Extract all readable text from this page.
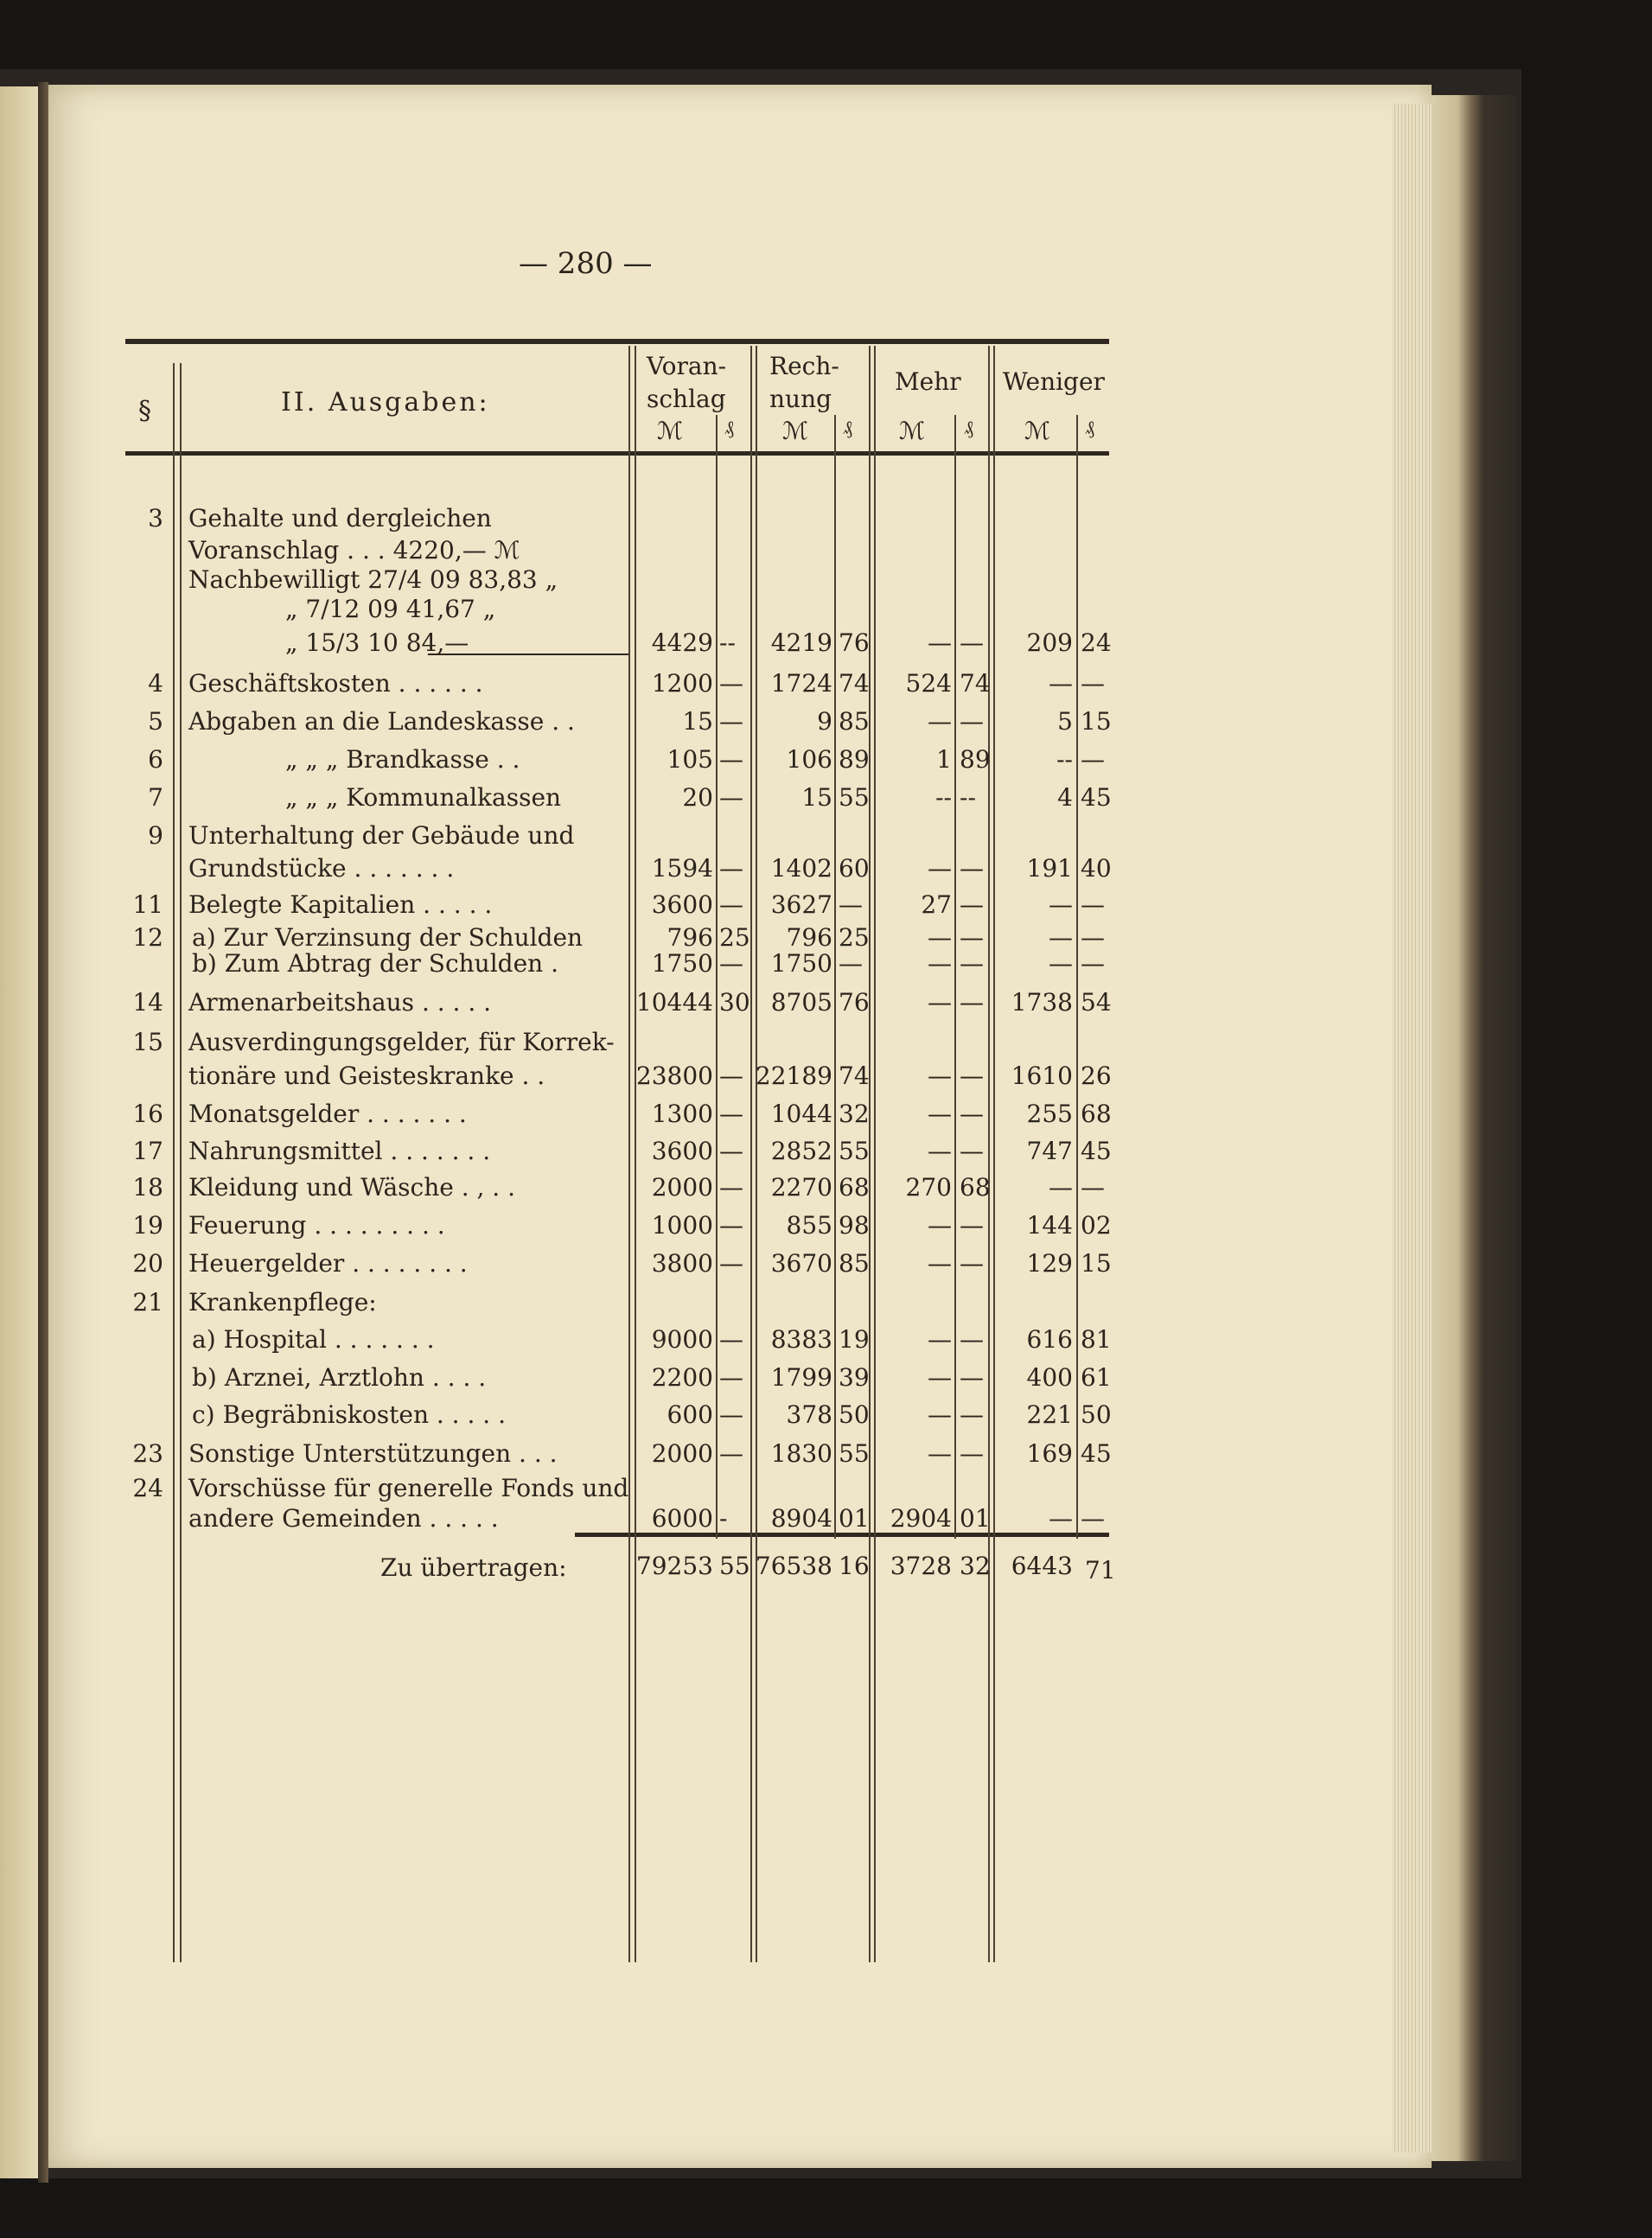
— 280 —
§	II. Ausgaben:
Voran-
schlag
Rech-
nung
Mehr Weniger
ℳ ₰ ℳ ₰ ℳ ₰ ℳ ₰
3 Gehalte und dergleichen
Voranschlag . . . 4220,— ℳ
Nachbewilligt 27/4 09 83,83 „
„ 7/12 09 41,67 „
„ 15/3 10 84,—	4429 -- 4219 76 — — 209 24
4 Geschäftskosten . . . . . .	1200 — 1724 74 524 74 — —
5 Abgaben an die Landeskasse . .	15 —	9 85 — —	5 15
6	„ „ „ Brandkasse . .	105 — 106 89	1 89	-- —
7	„ „ „ Kommunalkassen	20 — 15 55	-- --	4 45
9 Unterhaltung der Gebäude und
Grundstücke . . . . . . .	1594 — 1402 60 — — 191 40
11 Belegte Kapitalien . . . . .	3600 — 3627 — 27 —	— —
12 a) Zur Verzinsung der Schulden	796 25 796 25 — —	— —
b) Zum Abtrag der Schulden .	1750 — 1750 —	— —	— —
14 Armenarbeitshaus . . . . .	10444 30 8705 76 — — 1738 54
15 Ausverdingungsgelder, für Korrek-
tionäre und Geisteskranke . .	23800 — 22189 74 — — 1610 26
16 Monatsgelder . . . . . . .	1300 — 1044 32 — — 255 68
17 Nahrungsmittel . . . . . . .	3600 — 2852 55 — — 747 45
18 Kleidung und Wäsche . , . .	2000 — 2270 68 270 68 — —
19 Feuerung . . . . . . . . .	1000 — 855 98 — — 144 02
20 Heuergelder . . . . . . . .	3800 — 3670 85 — — 129 15
21 Krankenpflege:
a) Hospital . . . . . . .	9000 — 8383 19 — — 616 81
b) Arznei, Arztlohn . . . .	2200 — 1799 39 — — 400 61
c) Begräbniskosten . . . . .	600 — 378 50 — — 221 50
23 Sonstige Unterstützungen . . .	2000 — 1830 55 — — 169 45
24 Vorschüsse für generelle Fonds und
andere Gemeinden . . . . .	6000 - 8904 01 2904 01 — —
Zu übertragen:	79253 55 76538 16 3728 32 6443 71
